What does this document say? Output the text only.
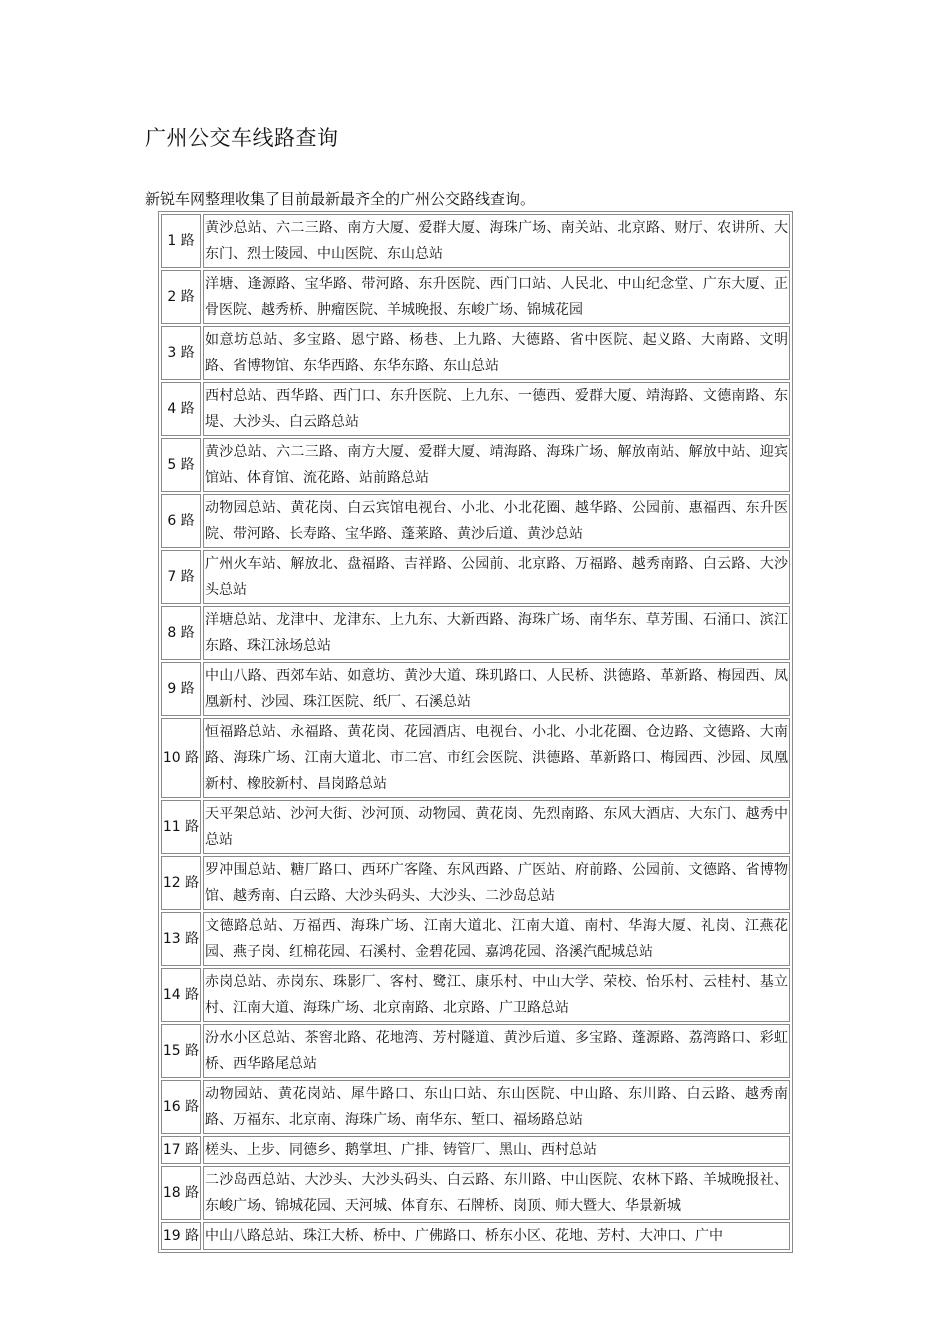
广州公交车线路查询

新锐车网整理收集了目前最新最齐全的广州公交路线查询。

1 路	黄沙总站、六二三路、南方大厦、爱群大厦、海珠广场、南关站、北京路、财厅、农讲所、大东门、烈士陵园、中山医院、东山总站
2 路	洋塘、逢源路、宝华路、带河路、东升医院、西门口站、人民北、中山纪念堂、广东大厦、正骨医院、越秀桥、肿瘤医院、羊城晚报、东峻广场、锦城花园
3 路	如意坊总站、多宝路、恩宁路、杨巷、上九路、大德路、省中医院、起义路、大南路、文明路、省博物馆、东华西路、东华东路、东山总站
4 路	西村总站、西华路、西门口、东升医院、上九东、一德西、爱群大厦、靖海路、文德南路、东堤、大沙头、白云路总站
5 路	黄沙总站、六二三路、南方大厦、爱群大厦、靖海路、海珠广场、解放南站、解放中站、迎宾馆站、体育馆、流花路、站前路总站
6 路	动物园总站、黄花岗、白云宾馆电视台、小北、小北花圈、越华路、公园前、惠福西、东升医院、带河路、长寿路、宝华路、蓬莱路、黄沙后道、黄沙总站
7 路	广州火车站、解放北、盘福路、吉祥路、公园前、北京路、万福路、越秀南路、白云路、大沙头总站
8 路	洋塘总站、龙津中、龙津东、上九东、大新西路、海珠广场、南华东、草芳围、石涌口、滨江东路、珠江泳场总站
9 路	中山八路、西郊车站、如意坊、黄沙大道、珠玑路口、人民桥、洪德路、革新路、梅园西、凤凰新村、沙园、珠江医院、纸厂、石溪总站
10 路	恒福路总站、永福路、黄花岗、花园酒店、电视台、小北、小北花圈、仓边路、文德路、大南路、海珠广场、江南大道北、市二宫、市红会医院、洪德路、革新路口、梅园西、沙园、凤凰新村、橡胶新村、昌岗路总站
11 路	天平架总站、沙河大街、沙河顶、动物园、黄花岗、先烈南路、东风大酒店、大东门、越秀中总站
12 路	罗冲围总站、糖厂路口、西环广客隆、东风西路、广医站、府前路、公园前、文德路、省博物馆、越秀南、白云路、大沙头码头、大沙头、二沙岛总站
13 路	文德路总站、万福西、海珠广场、江南大道北、江南大道、南村、华海大厦、礼岗、江燕花园、燕子岗、红棉花园、石溪村、金碧花园、嘉鸿花园、洛溪汽配城总站
14 路	赤岗总站、赤岗东、珠影厂、客村、鹭江、康乐村、中山大学、荣校、怡乐村、云桂村、基立村、江南大道、海珠广场、北京南路、北京路、广卫路总站
15 路	汾水小区总站、茶窖北路、花地湾、芳村隧道、黄沙后道、多宝路、蓬源路、荔湾路口、彩虹桥、西华路尾总站
16 路	动物园站、黄花岗站、犀牛路口、东山口站、东山医院、中山路、东川路、白云路、越秀南路、万福东、北京南、海珠广场、南华东、堑口、福场路总站
17 路	槎头、上步、同德乡、鹅掌坦、广排、铸管厂、黑山、西村总站
18 路	二沙岛西总站、大沙头、大沙头码头、白云路、东川路、中山医院、农林下路、羊城晚报社、东峻广场、锦城花园、天河城、体育东、石牌桥、岗顶、师大暨大、华景新城
19 路	中山八路总站、珠江大桥、桥中、广佛路口、桥东小区、花地、芳村、大冲口、广中
